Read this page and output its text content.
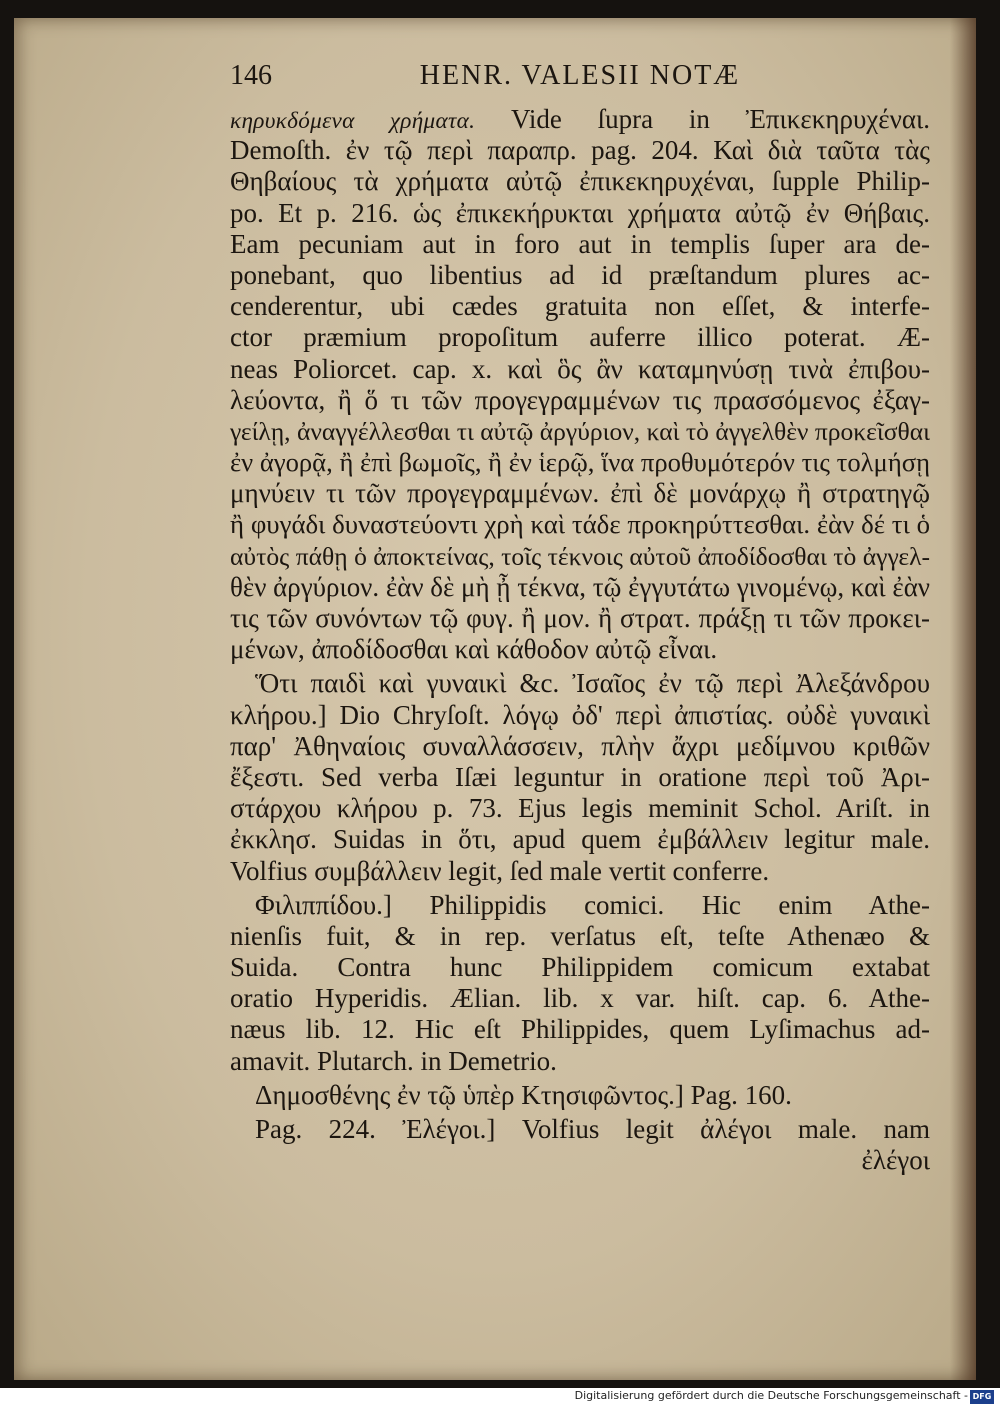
146	HENR. VALESII NOTÆ
κηρυκδόμενα χρήματα. Vide ſupra in Ἐπικεκηρυχέναι.
Demoſth. ἐν τῷ περὶ παραπρ. pag. 204. Καὶ διὰ ταῦτα τὰς
Θηβαίους τὰ χρήματα αὐτῷ ἐπικεκηρυχέναι, ſupple Philip-
po. Et p. 216. ὡς ἐπικεκήρυκται χρήματα αὐτῷ ἐν Θήβαις.
Eam pecuniam aut in foro aut in templis ſuper ara de-
ponebant, quo libentius ad id præſtandum plures ac-
cenderentur, ubi cædes gratuita non eſſet, & interfe-
ctor præmium propoſitum auferre illico poterat. Æ-
neas Poliorcet. cap. x. καὶ ὃς ἂν καταμηνύσῃ τινὰ ἐπιβου-
λεύοντα, ἢ ὅ τι τῶν προγεγραμμένων τις πρασσόμενος ἐξαγ-
γείλῃ, ἀναγγέλλεσθαι τι αὐτῷ ἀργύριον, καὶ τὸ ἀγγελθὲν προκεῖσθαι
ἐν ἀγορᾷ, ἢ ἐπὶ βωμοῖς, ἢ ἐν ἱερῷ, ἵνα προθυμότερόν τις τολμήσῃ
μηνύειν τι τῶν προγεγραμμένων. ἐπὶ δὲ μονάρχῳ ἢ στρατηγῷ
ἢ φυγάδι δυναστεύοντι χρὴ καὶ τάδε προκηρύττεσθαι. ἐὰν δέ τι ὁ
αὐτὸς πάθῃ ὁ ἀποκτείνας, τοῖς τέκνοις αὐτοῦ ἀποδίδοσθαι τὸ ἀγγελ-
θὲν ἀργύριον. ἐὰν δὲ μὴ ᾖ τέκνα, τῷ ἐγγυτάτω γινομένῳ, καὶ ἐὰν
τις τῶν συνόντων τῷ φυγ. ἢ μον. ἢ στρατ. πράξῃ τι τῶν προκει-
μένων, ἀποδίδοσθαι καὶ κάθοδον αὐτῷ εἶναι.
Ὅτι παιδὶ καὶ γυναικὶ &c. Ἰσαῖος ἐν τῷ περὶ Ἀλεξάνδρου
κλήρου.] Dio Chryſoſt. λόγῳ ὀδ' περὶ ἀπιστίας. οὐδὲ γυναικὶ
παρ' Ἀθηναίοις συναλλάσσειν, πλὴν ἄχρι μεδίμνου κριθῶν
ἔξεστι. Sed verba Iſæi leguntur in oratione περὶ τοῦ Ἀρι-
στάρχου κλήρου p. 73. Ejus legis meminit Schol. Ariſt. in
ἐκκλησ. Suidas in ὅτι, apud quem ἐμβάλλειν legitur male.
Volfius συμβάλλειν legit, ſed male vertit conferre.
Φιλιππίδου.] Philippidis comici. Hic enim Athe-
nienſis fuit, & in rep. verſatus eſt, teſte Athenæo &
Suida. Contra hunc Philippidem comicum extabat
oratio Hyperidis. Ælian. lib. x var. hiſt. cap. 6. Athe-
næus lib. 12. Hic eſt Philippides, quem Lyſimachus ad-
amavit. Plutarch. in Demetrio.
Δημοσθένης ἐν τῷ ὑπὲρ Κτησιφῶντος.] Pag. 160.
Pag. 224. Ἐλέγοι.] Volfius legit ἀλέγοι male. nam
ἐλέγοι
Digitalisierung gefördert durch die Deutsche Forschungsgemeinschaft - DFG
